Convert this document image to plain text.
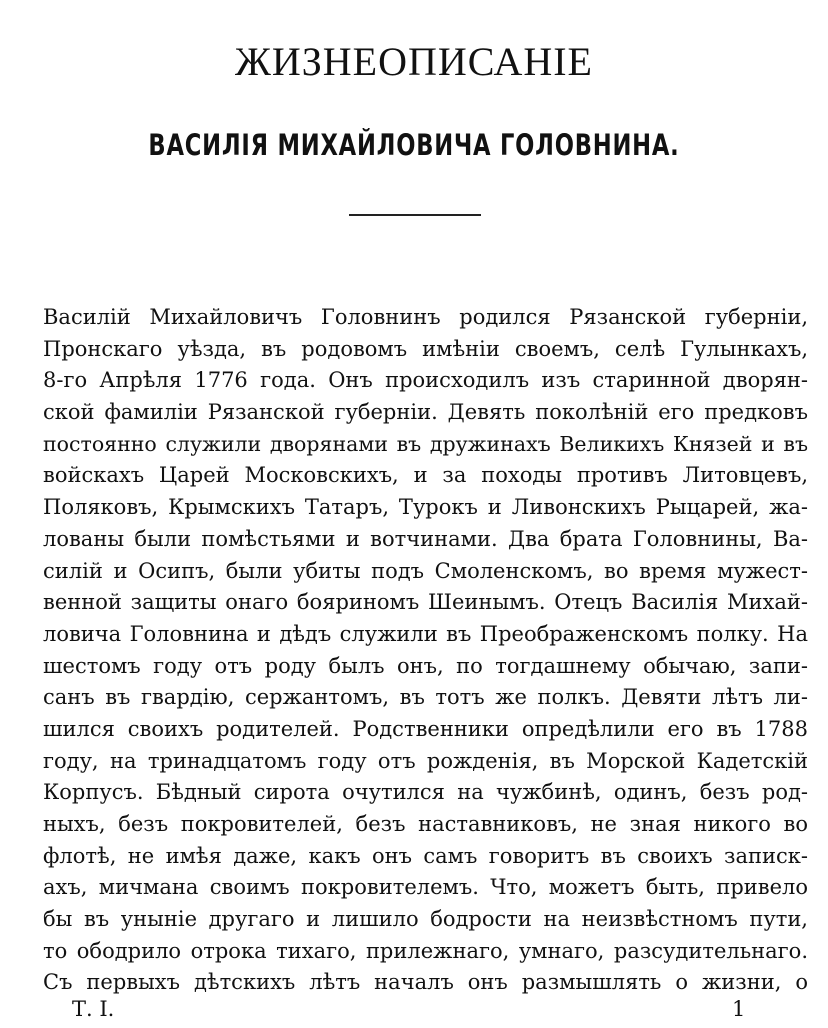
ЖИЗНЕОПИСАНІЕ
ВАСИЛІЯ МИХАЙЛОВИЧА ГОЛОВНИНА.
Василій Михайловичъ Головнинъ родился Рязанской губерніи,
Пронскаго уѣзда, въ родовомъ имѣніи своемъ, селѣ Гулынкахъ,
8-го Апрѣля 1776 года. Онъ происходилъ изъ старинной дворян-
ской фамиліи Рязанской губерніи. Девять поколѣній его предковъ
постоянно служили дворянами въ дружинахъ Великихъ Князей и въ
войскахъ Царей Московскихъ, и за походы противъ Литовцевъ,
Поляковъ, Крымскихъ Татаръ, Турокъ и Ливонскихъ Рыцарей, жа-
лованы были помѣстьями и вотчинами. Два брата Головнины, Ва-
силій и Осипъ, были убиты подъ Смоленскомъ, во время мужест-
венной защиты онаго бояриномъ Шеинымъ. Отецъ Василія Михай-
ловича Головнина и дѣдъ служили въ Преображенскомъ полку. На
шестомъ году отъ роду былъ онъ, по тогдашнему обычаю, запи-
санъ въ гвардію, сержантомъ, въ тотъ же полкъ. Девяти лѣтъ ли-
шился своихъ родителей. Родственники опредѣлили его въ 1788
году, на тринадцатомъ году отъ рожденія, въ Морской Кадетскій
Корпусъ. Бѣдный сирота очутился на чужбинѣ, одинъ, безъ род-
ныхъ, безъ покровителей, безъ наставниковъ, не зная никого во
флотѣ, не имѣя даже, какъ онъ самъ говоритъ въ своихъ записк-
ахъ, мичмана своимъ покровителемъ. Что, можетъ быть, привело
бы въ уныніе другаго и лишило бодрости на неизвѣстномъ пути,
то ободрило отрока тихаго, прилежнаго, умнаго, разсудительнаго.
Съ первыхъ дѣтскихъ лѣтъ началъ онъ размышлять о жизни, о
Т. I.	1
